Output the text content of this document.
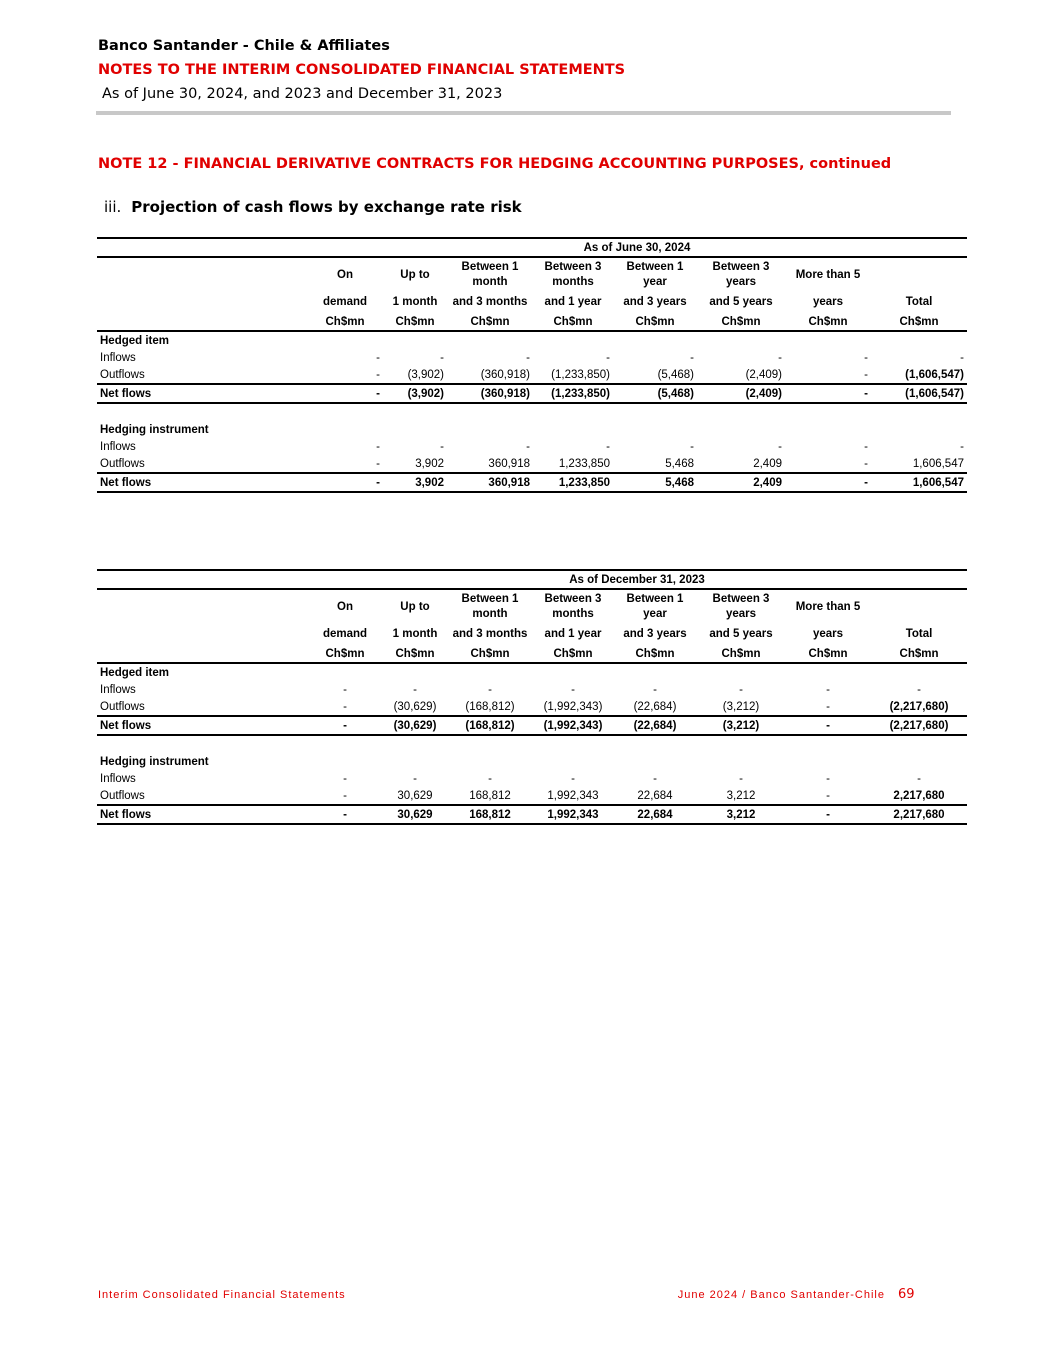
Banco Santander - Chile & Affiliates
NOTES TO THE INTERIM CONSOLIDATED FINANCIAL STATEMENTS
As of June 30, 2024, and 2023 and December 31, 2023
NOTE 12 - FINANCIAL DERIVATIVE CONTRACTS FOR HEDGING ACCOUNTING PURPOSES, continued
iii. Projection of cash flows by exchange rate risk
	As of June 30, 2024							
	On	Up to	Between 1 month	Between 3 months	Between 1 year	Between 3 years	More than 5	
	demand	1 month	and 3 months	and 1 year	and 3 years	and 5 years	years	Total
	Ch$mn	Ch$mn	Ch$mn	Ch$mn	Ch$mn	Ch$mn	Ch$mn	Ch$mn
Hedged item								
Inflows	-	-	-	-	-	-	-	-
Outflows	-	(3,902)	(360,918)	(1,233,850)	(5,468)	(2,409)	-	(1,606,547)
Net flows	-	(3,902)	(360,918)	(1,233,850)	(5,468)	(2,409)	-	(1,606,547)

Hedging instrument								
Inflows	-	-	-	-	-	-	-	-
Outflows	-	3,902	360,918	1,233,850	5,468	2,409	-	1,606,547
Net flows	-	3,902	360,918	1,233,850	5,468	2,409	-	1,606,547
	As of December 31, 2023							
	On	Up to	Between 1 month	Between 3 months	Between 1 year	Between 3 years	More than 5	
	demand	1 month	and 3 months	and 1 year	and 3 years	and 5 years	years	Total
	Ch$mn	Ch$mn	Ch$mn	Ch$mn	Ch$mn	Ch$mn	Ch$mn	Ch$mn
Hedged item								
Inflows	-	-	-	-	-	-	-	-
Outflows	-	(30,629)	(168,812)	(1,992,343)	(22,684)	(3,212)	-	(2,217,680)
Net flows	-	(30,629)	(168,812)	(1,992,343)	(22,684)	(3,212)	-	(2,217,680)

Hedging instrument								
Inflows	-	-	-	-	-	-	-	-
Outflows	-	30,629	168,812	1,992,343	22,684	3,212	-	2,217,680
Net flows	-	30,629	168,812	1,992,343	22,684	3,212	-	2,217,680
Interim Consolidated Financial Statements	June 2024 / Banco Santander-Chile 69
